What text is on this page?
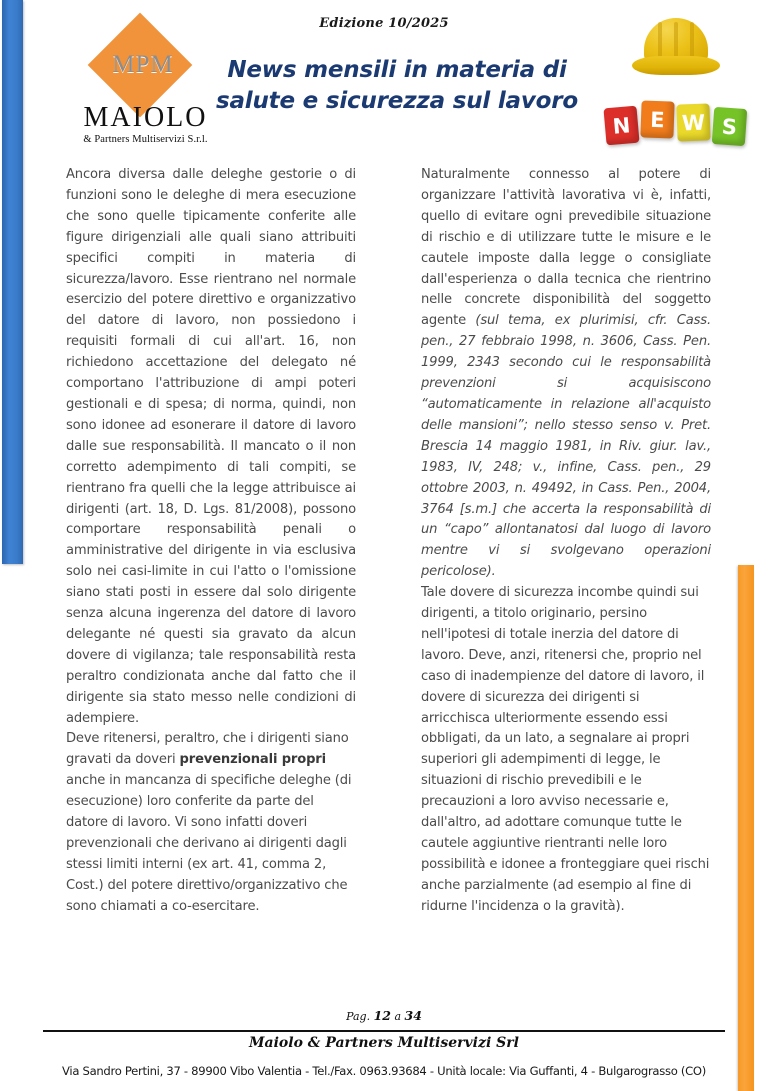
Edizione 10/2025
MPM
MAIOLO
& Partners Multiservizi S.r.l.
News mensili in materia di
salute e sicurezza sul lavoro
N E W S

Ancora diversa dalle deleghe gestorie o di funzioni sono le deleghe di mera esecuzione che sono quelle tipicamente conferite alle figure dirigenziali alle quali siano attribuiti specifici compiti in materia di sicurezza/lavoro. Esse rientrano nel normale esercizio del potere direttivo e organizzativo del datore di lavoro, non possiedono i requisiti formali di cui all'art. 16, non richiedono accettazione del delegato né comportano l'attribuzione di ampi poteri gestionali e di spesa; di norma, quindi, non sono idonee ad esonerare il datore di lavoro dalle sue responsabilità. Il mancato o il non corretto adempimento di tali compiti, se rientrano fra quelli che la legge attribuisce ai dirigenti (art. 18, D. Lgs. 81/2008), possono comportare responsabilità penali o amministrative del dirigente in via esclusiva solo nei casi-limite in cui l'atto o l'omissione siano stati posti in essere dal solo dirigente senza alcuna ingerenza del datore di lavoro delegante né questi sia gravato da alcun dovere di vigilanza; tale responsabilità resta peraltro condizionata anche dal fatto che il dirigente sia stato messo nelle condizioni di adempiere.

Deve ritenersi, peraltro, che i dirigenti siano gravati da doveri prevenzionali propri anche in mancanza di specifiche deleghe (di esecuzione) loro conferite da parte del datore di lavoro. Vi sono infatti doveri prevenzionali che derivano ai dirigenti dagli stessi limiti interni (ex art. 41, comma 2, Cost.) del potere direttivo/organizzativo che sono chiamati a co-esercitare.

Naturalmente connesso al potere di organizzare l'attività lavorativa vi è, infatti, quello di evitare ogni prevedibile situazione di rischio e di utilizzare tutte le misure e le cautele imposte dalla legge o consigliate dall'esperienza o dalla tecnica che rientrino nelle concrete disponibilità del soggetto agente (sul tema, ex plurimisi, cfr. Cass. pen., 27 febbraio 1998, n. 3606, Cass. Pen. 1999, 2343 secondo cui le responsabilità prevenzioni si acquisiscono “automaticamente in relazione all'acquisto delle mansioni”; nello stesso senso v. Pret. Brescia 14 maggio 1981, in Riv. giur. lav., 1983, IV, 248; v., infine, Cass. pen., 29 ottobre 2003, n. 49492, in Cass. Pen., 2004, 3764 [s.m.] che accerta la responsabilità di un “capo” allontanatosi dal luogo di lavoro mentre vi si svolgevano operazioni pericolose).

Tale dovere di sicurezza incombe quindi sui dirigenti, a titolo originario, persino nell'ipotesi di totale inerzia del datore di lavoro. Deve, anzi, ritenersi che, proprio nel caso di inadempienze del datore di lavoro, il dovere di sicurezza dei dirigenti si arricchisca ulteriormente essendo essi obbligati, da un lato, a segnalare ai propri superiori gli adempimenti di legge, le situazioni di rischio prevedibili e le precauzioni a loro avviso necessarie e, dall'altro, ad adottare comunque tutte le cautele aggiuntive rientranti nelle loro possibilità e idonee a fronteggiare quei rischi anche parzialmente (ad esempio al fine di ridurne l'incidenza o la gravità).

Pag. 12 a 34
Maiolo & Partners Multiservizi Srl
Via Sandro Pertini, 37 - 89900 Vibo Valentia - Tel./Fax. 0963.93684 - Unità locale: Via Guffanti, 4 - Bulgarograsso (CO)
